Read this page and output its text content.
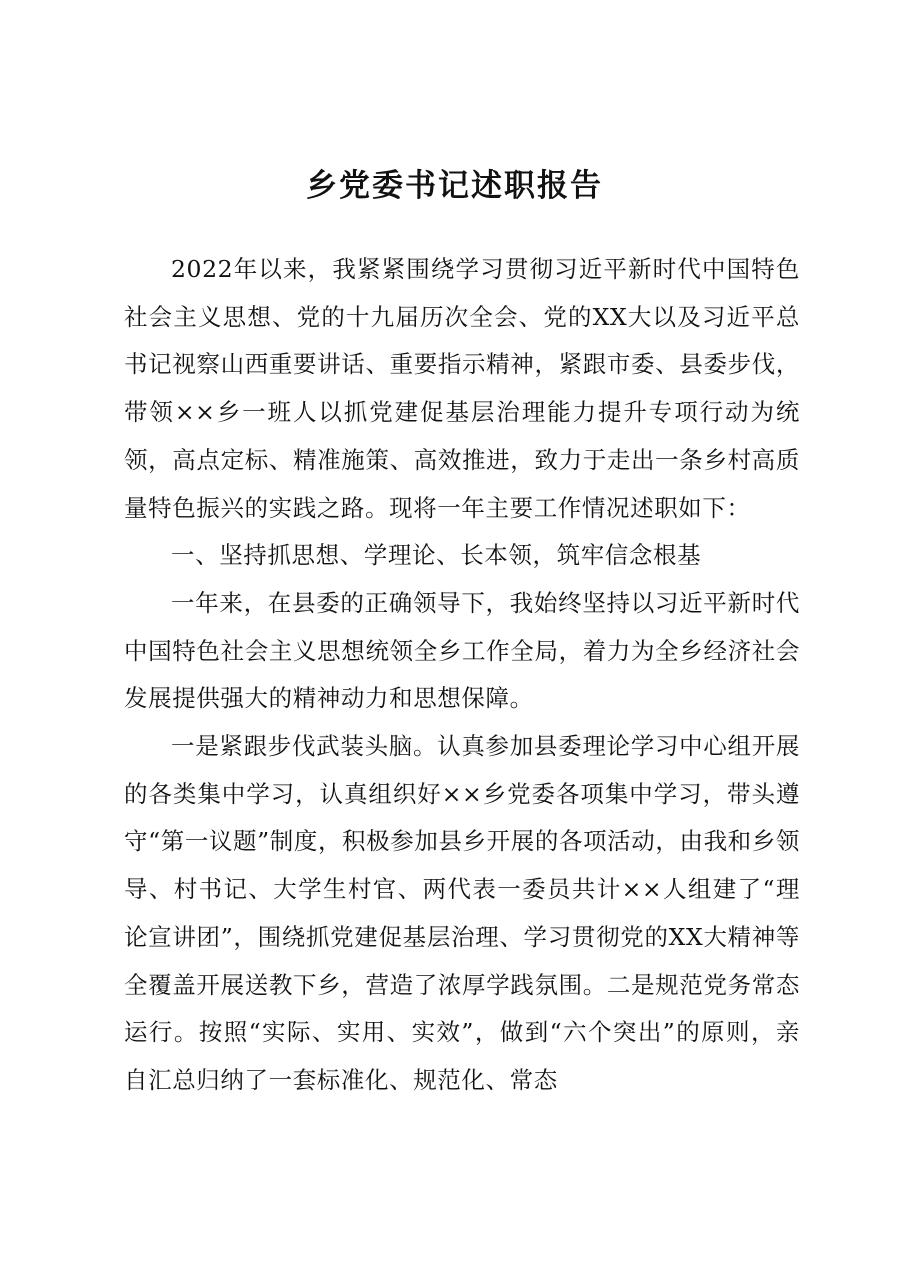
乡党委书记述职报告

2022年以来，我紧紧围绕学习贯彻习近平新时代中国特色社会主义思想、党的十九届历次全会、党的XX大以及习近平总书记视察山西重要讲话、重要指示精神，紧跟市委、县委步伐，带领××乡一班人以抓党建促基层治理能力提升专项行动为统领，高点定标、精准施策、高效推进，致力于走出一条乡村高质量特色振兴的实践之路。现将一年主要工作情况述职如下：

一、坚持抓思想、学理论、长本领，筑牢信念根基

一年来，在县委的正确领导下，我始终坚持以习近平新时代中国特色社会主义思想统领全乡工作全局，着力为全乡经济社会发展提供强大的精神动力和思想保障。

一是紧跟步伐武装头脑。认真参加县委理论学习中心组开展的各类集中学习，认真组织好××乡党委各项集中学习，带头遵守“第一议题”制度，积极参加县乡开展的各项活动，由我和乡领导、村书记、大学生村官、两代表一委员共计××人组建了“理论宣讲团”，围绕抓党建促基层治理、学习贯彻党的XX大精神等全覆盖开展送教下乡，营造了浓厚学践氛围。二是规范党务常态运行。按照“实际、实用、实效”，做到“六个突出”的原则，亲自汇总归纳了一套标准化、规范化、常态
